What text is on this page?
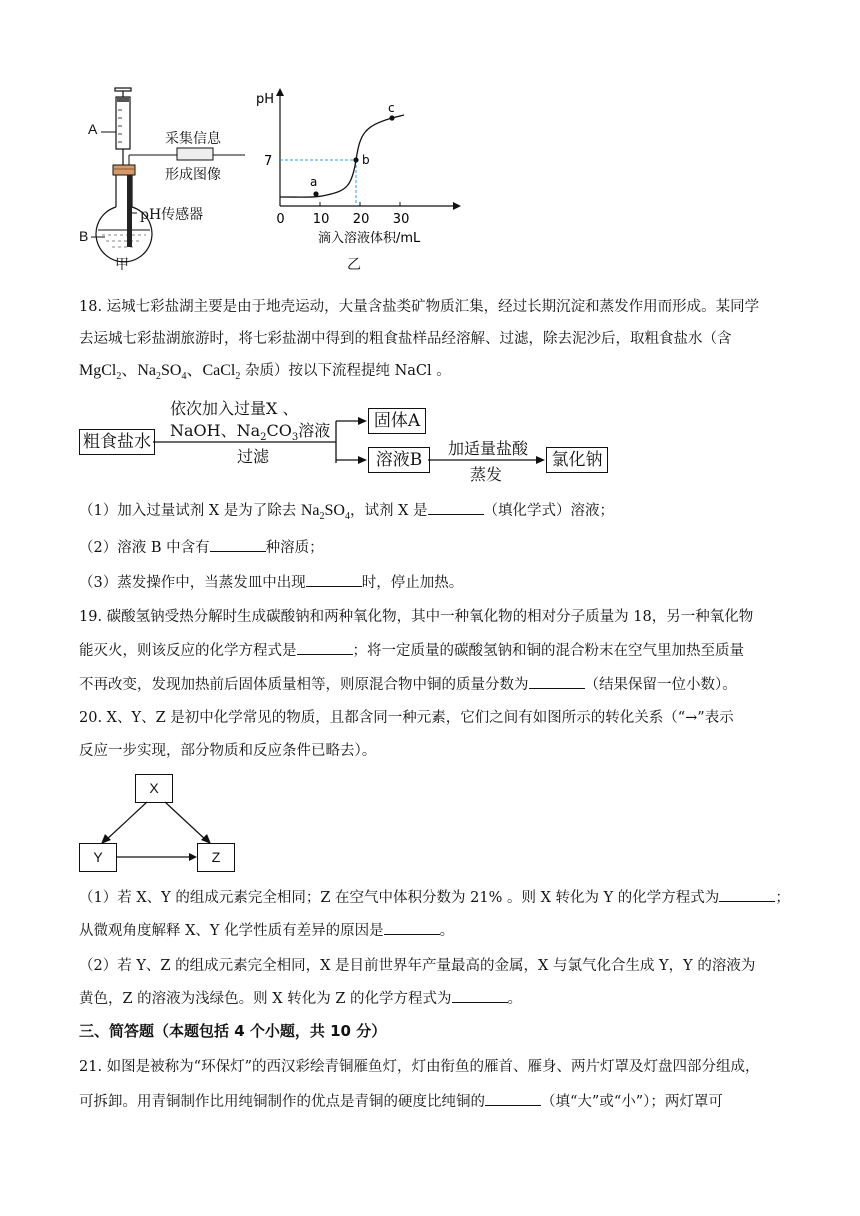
A
B
采集信息
形成图像
pH传感器
甲
pH
0 10 20 30
滴入溶液体积/mL
7
a
b
c
乙
18. 运城七彩盐湖主要是由于地壳运动，大量含盐类矿物质汇集，经过长期沉淀和蒸发作用而形成。某同学
去运城七彩盐湖旅游时，将七彩盐湖中得到的粗食盐样品经溶解、过滤，除去泥沙后，取粗食盐水（含
MgCl$_2$、$Na_2SO_4$、CaCl$_2$ 杂质）按以下流程提纯 NaCl 。
粗食盐水
依次加入过量X 、
NaOH、$Na_2CO_3$溶液
过滤
固体A
溶液B
加适量盐酸
蒸发
氯化钠
（1）加入过量试剂 X 是为了除去 $Na_2SO_4$，试剂 X 是	（填化学式）溶液；
（2）溶液 B 中含有	种溶质；
（3）蒸发操作中，当蒸发皿中出现	时，停止加热。
19. 碳酸氢钠受热分解时生成碳酸钠和两种氧化物，其中一种氧化物的相对分子质量为 18，另一种氧化物
能灭火，则该反应的化学方程式是	；将一定质量的碳酸氢钠和铜的混合粉末在空气里加热至质量
不再改变，发现加热前后固体质量相等，则原混合物中铜的质量分数为	（结果保留一位小数）。
20. X、Y、Z 是初中化学常见的物质，且都含同一种元素，它们之间有如图所示的转化关系（“→”表示
反应一步实现，部分物质和反应条件已略去）。
X
Y	Z
（1）若 X、Y 的组成元素完全相同；Z 在空气中体积分数为 21% 。则 X 转化为 Y 的化学方程式为	；
从微观角度解释 X、Y 化学性质有差异的原因是	。
（2）若 Y、Z 的组成元素完全相同，X 是目前世界年产量最高的金属，X 与氯气化合生成 Y，Y 的溶液为
黄色，Z 的溶液为浅绿色。则 X 转化为 Z 的化学方程式为	。
三、简答题（本题包括 4 个小题，共 10 分）
21. 如图是被称为“环保灯”的西汉彩绘青铜雁鱼灯，灯由衔鱼的雁首、雁身、两片灯罩及灯盘四部分组成，
可拆卸。用青铜制作比用纯铜制作的优点是青铜的硬度比纯铜的	（填“大”或“小”）；两灯罩可
